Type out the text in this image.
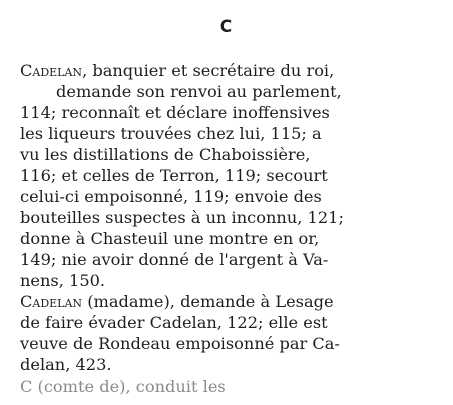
C
Cadelan, banquier et secrétaire du roi,
demande son renvoi au parlement,
114; reconnaît et déclare inoffensives
les liqueurs trouvées chez lui, 115; a
vu les distillations de Chaboissière,
116; et celles de Terron, 119; secourt
celui-ci empoisonné, 119; envoie des
bouteilles suspectes à un inconnu, 121;
donne à Chasteuil une montre en or,
149; nie avoir donné de l'argent à Va-
nens, 150.
Cadelan (madame), demande à Lesage
de faire évader Cadelan, 122; elle est
veuve de Rondeau empoisonné par Ca-
delan, 423.
C (comte de), conduit les
